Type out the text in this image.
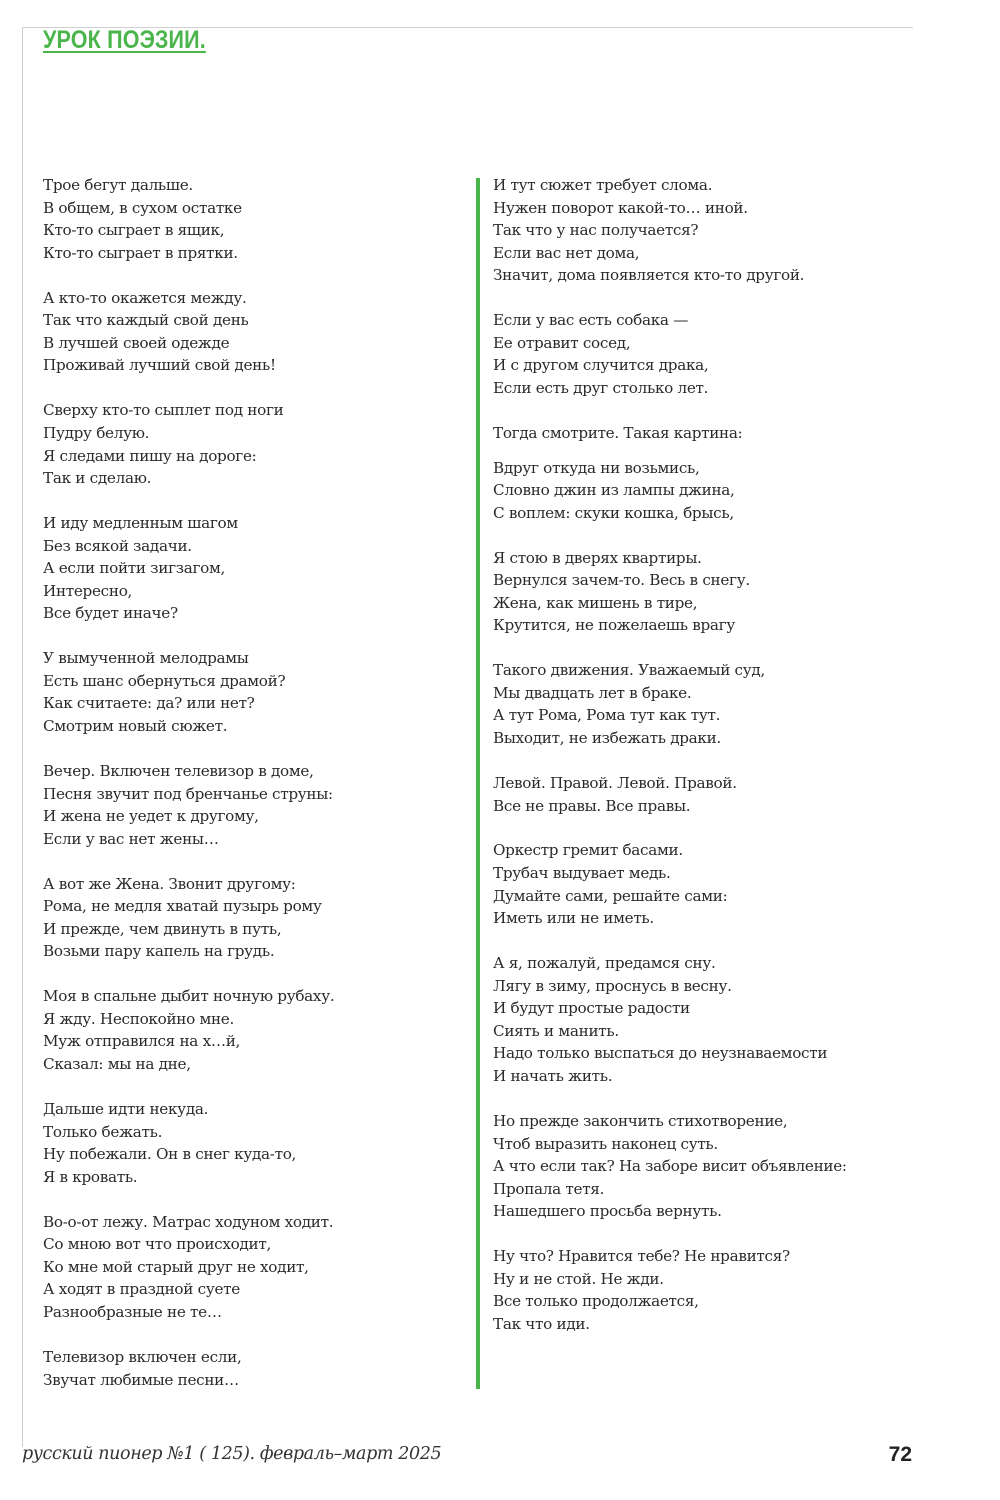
УРОК ПОЭЗИИ.
Трое бегут дальше.
В общем, в сухом остатке
Кто-то сыграет в ящик,
Кто-то сыграет в прятки.
А кто-то окажется между.
Так что каждый свой день
В лучшей своей одежде
Проживай лучший свой день!
Сверху кто-то сыплет под ноги
Пудру белую.
Я следами пишу на дороге:
Так и сделаю.
И иду медленным шагом
Без всякой задачи.
А если пойти зигзагом,
Интересно,
Все будет иначе?
У вымученной мелодрамы
Есть шанс обернуться драмой?
Как считаете: да? или нет?
Смотрим новый сюжет.
Вечер. Включен телевизор в доме,
Песня звучит под бренчанье струны:
И жена не уедет к другому,
Если у вас нет жены…
А вот же Жена. Звонит другому:
Рома, не медля хватай пузырь рому
И прежде, чем двинуть в путь,
Возьми пару капель на грудь.
Моя в спальне дыбит ночную рубаху.
Я жду. Неспокойно мне.
Муж отправился на х…й,
Сказал: мы на дне,
Дальше идти некуда.
Только бежать.
Ну побежали. Он в снег куда-то,
Я в кровать.
Во-о-от лежу. Матрас ходуном ходит.
Со мною вот что происходит,
Ко мне мой старый друг не ходит,
А ходят в праздной суете
Разнообразные не те…
Телевизор включен если,
Звучат любимые песни…
И тут сюжет требует слома.
Нужен поворот какой-то… иной.
Так что у нас получается?
Если вас нет дома,
Значит, дома появляется кто-то другой.
Если у вас есть собака —
Ее отравит сосед,
И с другом случится драка,
Если есть друг столько лет.
Тогда смотрите. Такая картина:
Вдруг откуда ни возьмись,
Словно джин из лампы джина,
С воплем: скуки кошка, брысь,
Я стою в дверях квартиры.
Вернулся зачем-то. Весь в снегу.
Жена, как мишень в тире,
Крутится, не пожелаешь врагу
Такого движения. Уважаемый суд,
Мы двадцать лет в браке.
А тут Рома, Рома тут как тут.
Выходит, не избежать драки.
Левой. Правой. Левой. Правой.
Все не правы. Все правы.
Оркестр гремит басами.
Трубач выдувает медь.
Думайте сами, решайте сами:
Иметь или не иметь.
А я, пожалуй, предамся сну.
Лягу в зиму, проснусь в весну.
И будут простые радости
Сиять и манить.
Надо только выспаться до неузнаваемости
И начать жить.
Но прежде закончить стихотворение,
Чтоб выразить наконец суть.
А что если так? На заборе висит объявление:
Пропала тетя.
Нашедшего просьба вернуть.
Ну что? Нравится тебе? Не нравится?
Ну и не стой. Не жди.
Все только продолжается,
Так что иди.
русский пионер №1 ( 125). февраль–март 2025	72
